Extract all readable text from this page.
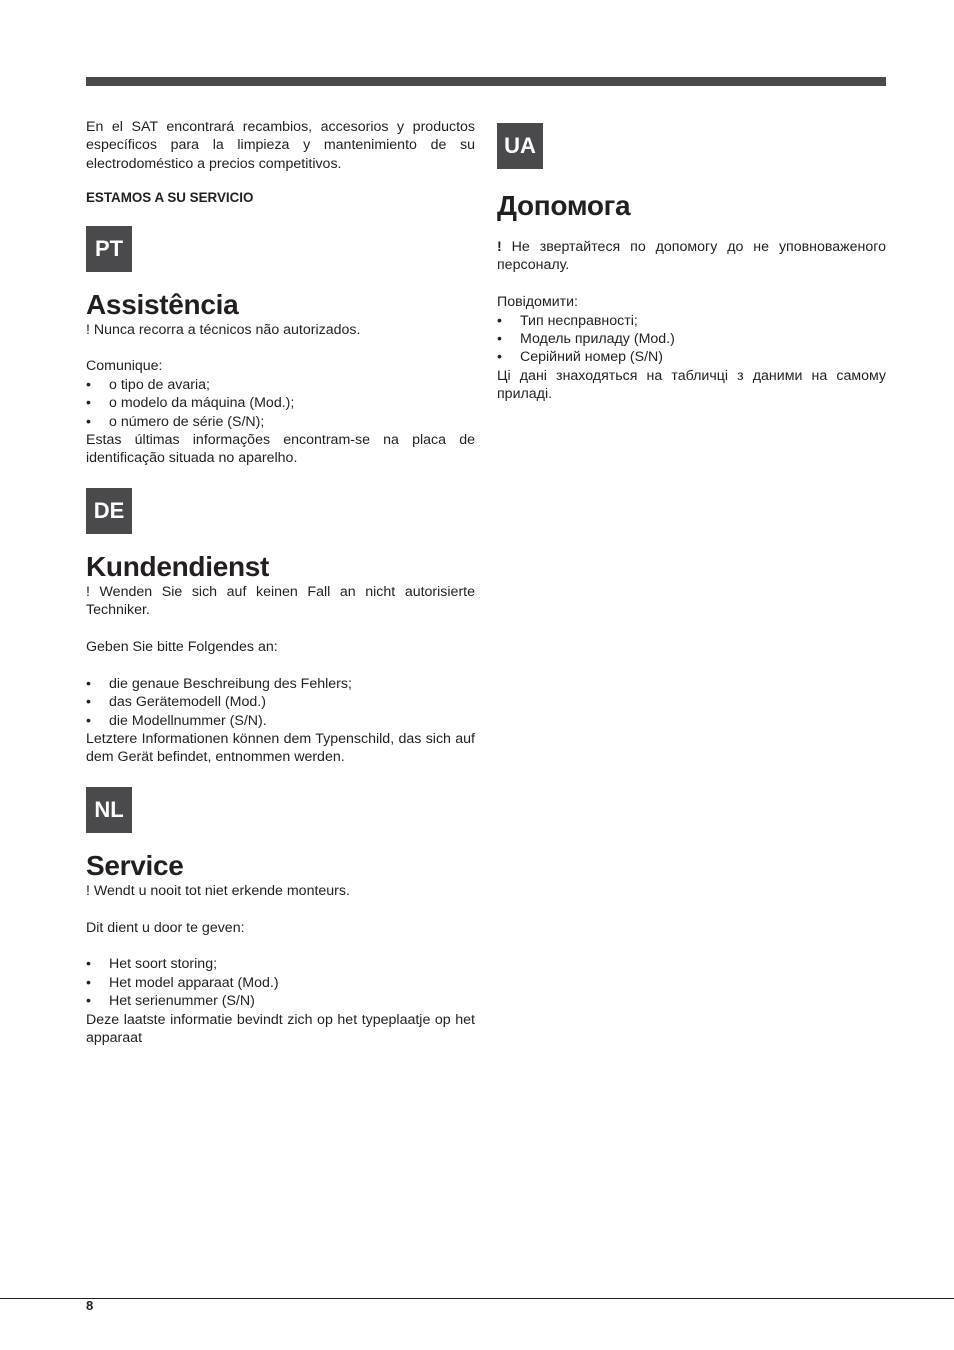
En el SAT encontrará recambios, accesorios y productos específicos para la limpieza y mantenimiento de su electrodoméstico a precios competitivos.

ESTAMOS A SU SERVICIO

PT
Assistência

! Nunca recorra a técnicos não autorizados.

Comunique:

• o tipo de avaria;
• o modelo da máquina (Mod.);
• o número de série (S/N);

Estas últimas informações encontram-se na placa de identificação situada no aparelho.

DE
Kundendienst

! Wenden Sie sich auf keinen Fall an nicht autorisierte Techniker.

Geben Sie bitte Folgendes an:

• die genaue Beschreibung des Fehlers;
• das Gerätemodell (Mod.)
• die Modellnummer (S/N).

Letztere Informationen können dem Typenschild, das sich auf dem Gerät befindet, entnommen werden.

NL
Service

! Wendt u nooit tot niet erkende monteurs.

Dit dient u door te geven:

• Het soort storing;
• Het model apparaat (Mod.)
• Het serienummer (S/N)

Deze laatste informatie bevindt zich op het typeplaatje op het apparaat

UA
Допомога

! Не звертайтеся по допомогу до не уповноваженого персоналу.

Повідомити:

• Тип несправності;
• Модель приладу (Mod.)
• Серійний номер (S/N)

Ці дані знаходяться на табличці з даними на самому приладі.

8
